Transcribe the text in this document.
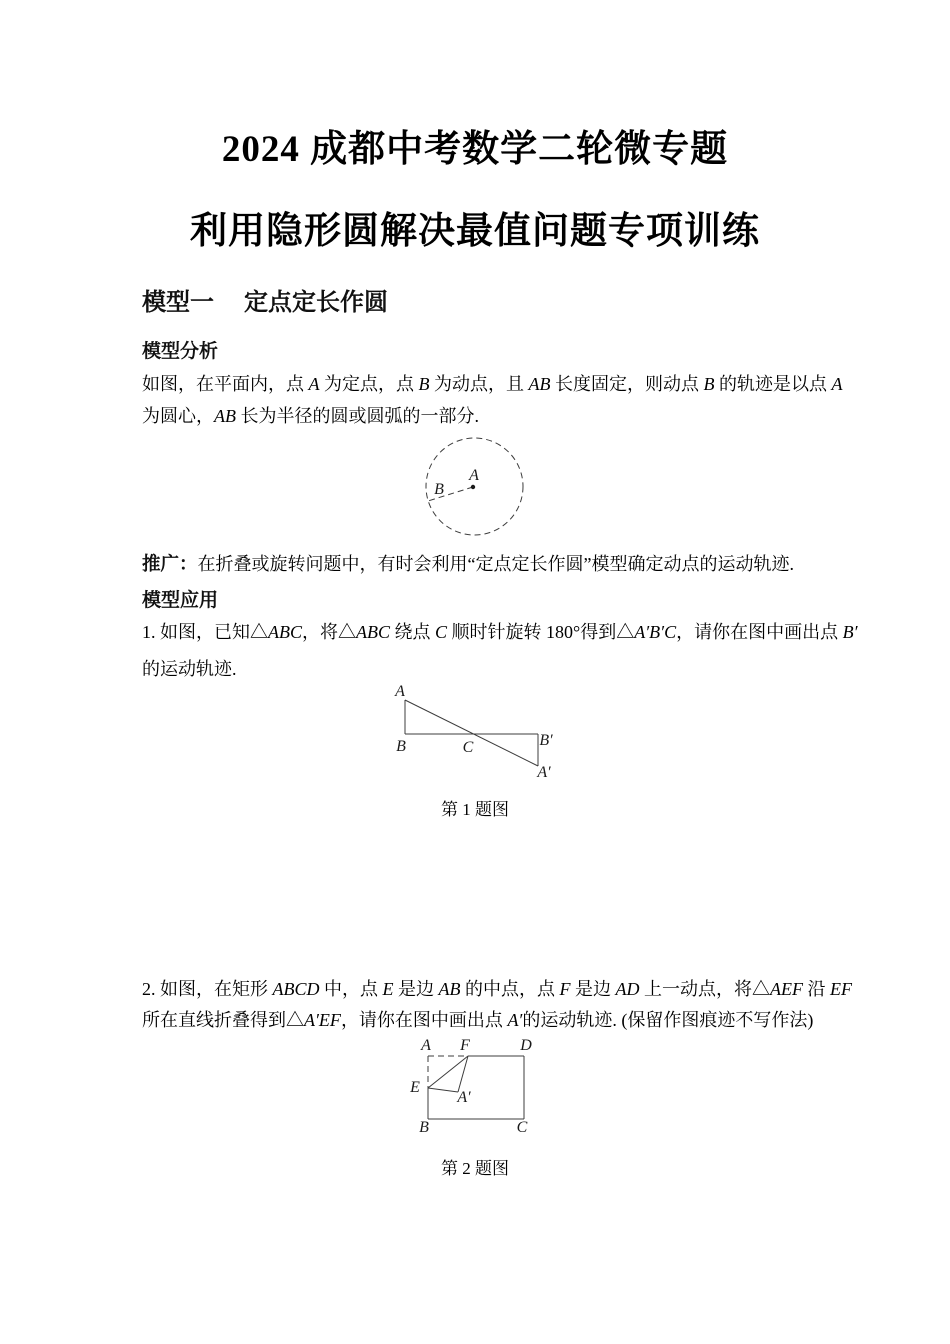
2024 成都中考数学二轮微专题
利用隐形圆解决最值问题专项训练
模型一 定点定长作圆
模型分析
如图，在平面内，点 A 为定点，点 B 为动点，且 AB 长度固定，则动点 B 的轨迹是以点 A
为圆心，AB 长为半径的圆或圆弧的一部分.
A
B
推广：在折叠或旋转问题中，有时会利用“定点定长作圆”模型确定动点的运动轨迹.
模型应用
1. 如图，已知△ABC，将△ABC 绕点 C 顺时针旋转 180°得到△A′B′C，请你在图中画出点 B′
的运动轨迹.
A
B	C	B′
A′
第 1 题图
2. 如图，在矩形 ABCD 中，点 E 是边 AB 的中点，点 F 是边 AD 上一动点，将△AEF 沿 EF
所在直线折叠得到△A′EF，请你在图中画出点 A′的运动轨迹. (保留作图痕迹不写作法)
A F	D
E
A′
B	C
第 2 题图
